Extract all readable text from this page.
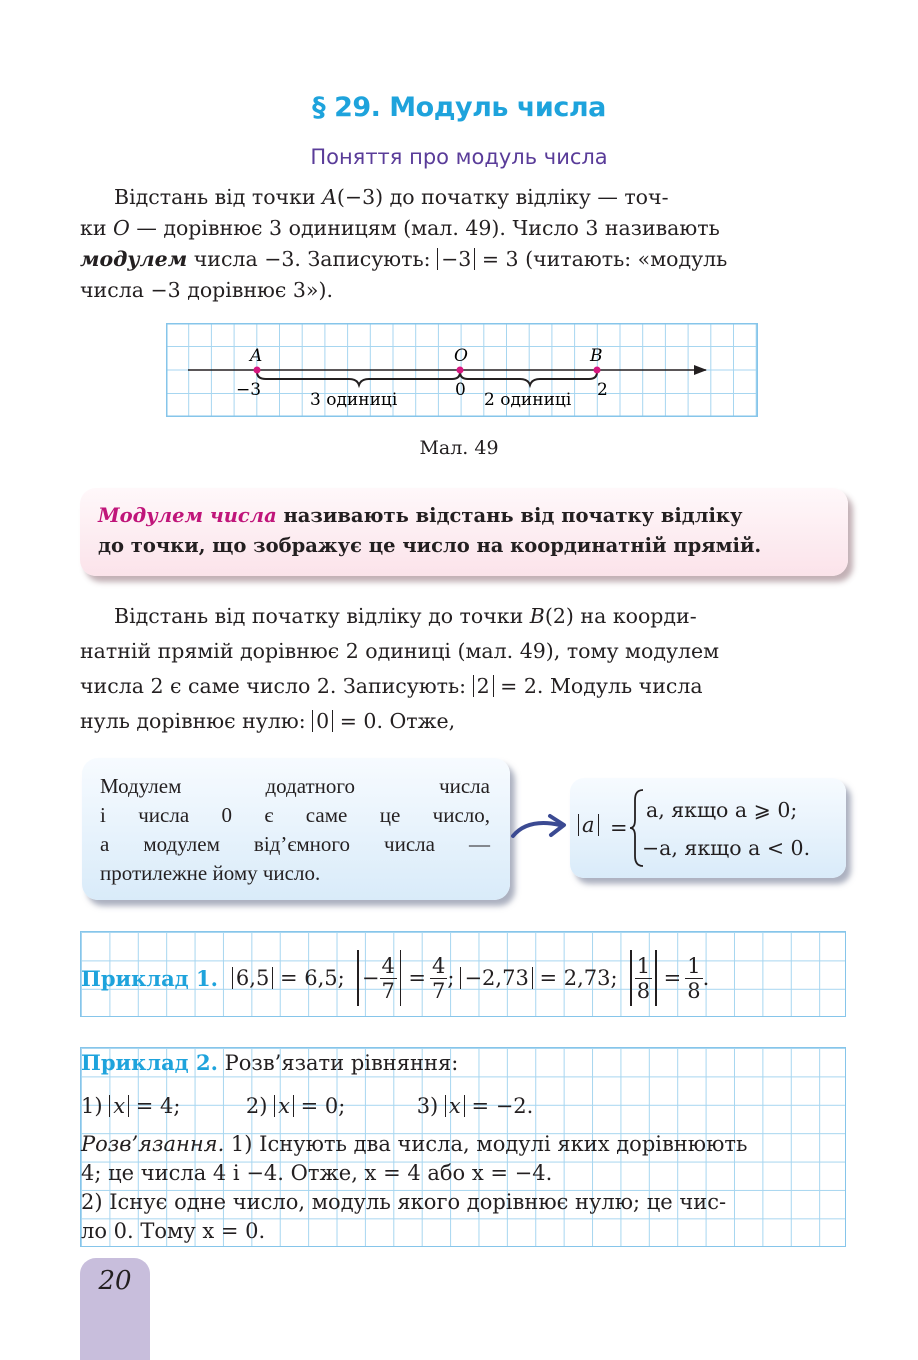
§ 29. Модуль числа
Поняття про модуль числа
Відстань від точки A(−3) до початку відліку — точ-
ки O — дорівнює 3 одиницям (мал. 49). Число 3 називають
модулем числа −3. Записують: −3 = 3 (читають: «модуль
числа −3 дорівнює 3»).
A	O	B
−3	0	2
3 одиниці	2 одиниці
Мал. 49
Модулем числа називають відстань від початку відліку
до точки, що зображує це число на координатній прямій.
Відстань від початку відліку до точки B(2) на коорди-
натній прямій дорівнює 2 одиниці (мал. 49), тому модулем
числа 2 є саме число 2. Записують: 2 = 2. Модуль числа
нуль дорівнює нулю: 0 = 0. Отже,
Модулем	додатного	числа
і числа 0 є саме це число,
а модулем від’ємного числа —
протилежне йому число.
a =
a, якщо a ⩾ 0;
−a, якщо a < 0.
Приклад 1. 6,5 = 6,5; − $\frac{4}{7} = \frac{4}{7}$ ; −2,73 = 2,73; $\frac{1}{8} = \frac{1}{8}$ .
Приклад 2. Розв’язати рівняння:
1) x = 4;	2) x = 0;	3) x = −2.
Розв’язання. 1) Існують два числа, модулі яких дорівнюють
4; це числа 4 і −4. Отже, x = 4 або x = −4.
2) Існує одне число, модуль якого дорівнює нулю; це чис-
ло 0. Тому x = 0.
20
